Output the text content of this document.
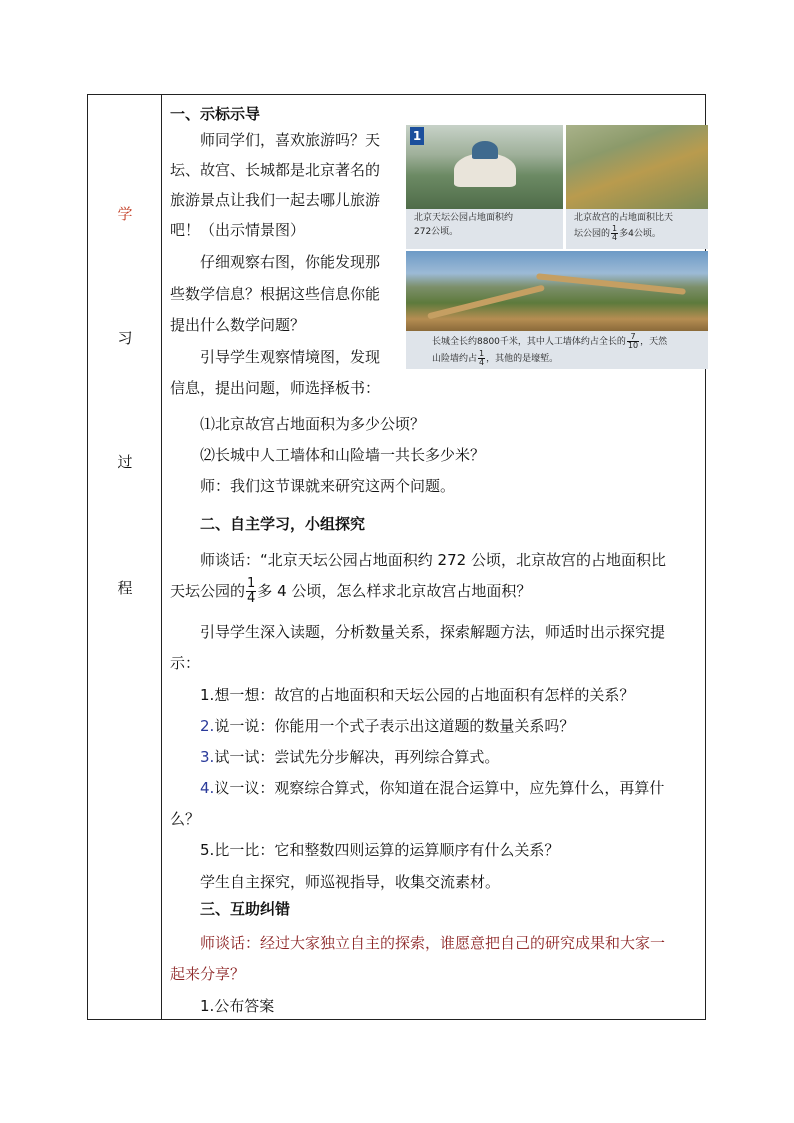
学
习
过
程
一、示标示导
师同学们，喜欢旅游吗？天
坛、故宫、长城都是北京著名的
旅游景点让我们一起去哪儿旅游
吧！（出示情景图）
仔细观察右图，你能发现那
些数学信息？根据这些信息你能
提出什么数学问题？
引导学生观察情境图，发现
信息，提出问题，师选择板书：
⑴北京故宫占地面积为多少公顷？
⑵长城中人工墙体和山险墙一共长多少米？
师：我们这节课就来研究这两个问题。
1
北京天坛公园占地面积约
272公顷。
北京故宫的占地面积比天
坛公园的 $\frac{1}{4}$ 多4公顷。
长城全长约8800千米，其中人工墙体约占全长的 $\frac{7}{10}$ ，天然
山险墙约占 $\frac{1}{4}$ ，其他的是壕堑。
二、自主学习，小组探究
师谈话：“北京天坛公园占地面积约 272 公顷，北京故宫的占地面积比
天坛公园的 $\frac{1}{4}$ 多 4 公顷，怎么样求北京故宫占地面积？
引导学生深入读题，分析数量关系，探索解题方法，师适时出示探究提
示：
1.想一想：故宫的占地面积和天坛公园的占地面积有怎样的关系？
2.说一说：你能用一个式子表示出这道题的数量关系吗？
3.试一试：尝试先分步解决，再列综合算式。
4.议一议：观察综合算式，你知道在混合运算中，应先算什么，再算什
么？
5.比一比：它和整数四则运算的运算顺序有什么关系？
学生自主探究，师巡视指导，收集交流素材。
三、互助纠错
师谈话：经过大家独立自主的探索，谁愿意把自己的研究成果和大家一
起来分享？
1.公布答案
